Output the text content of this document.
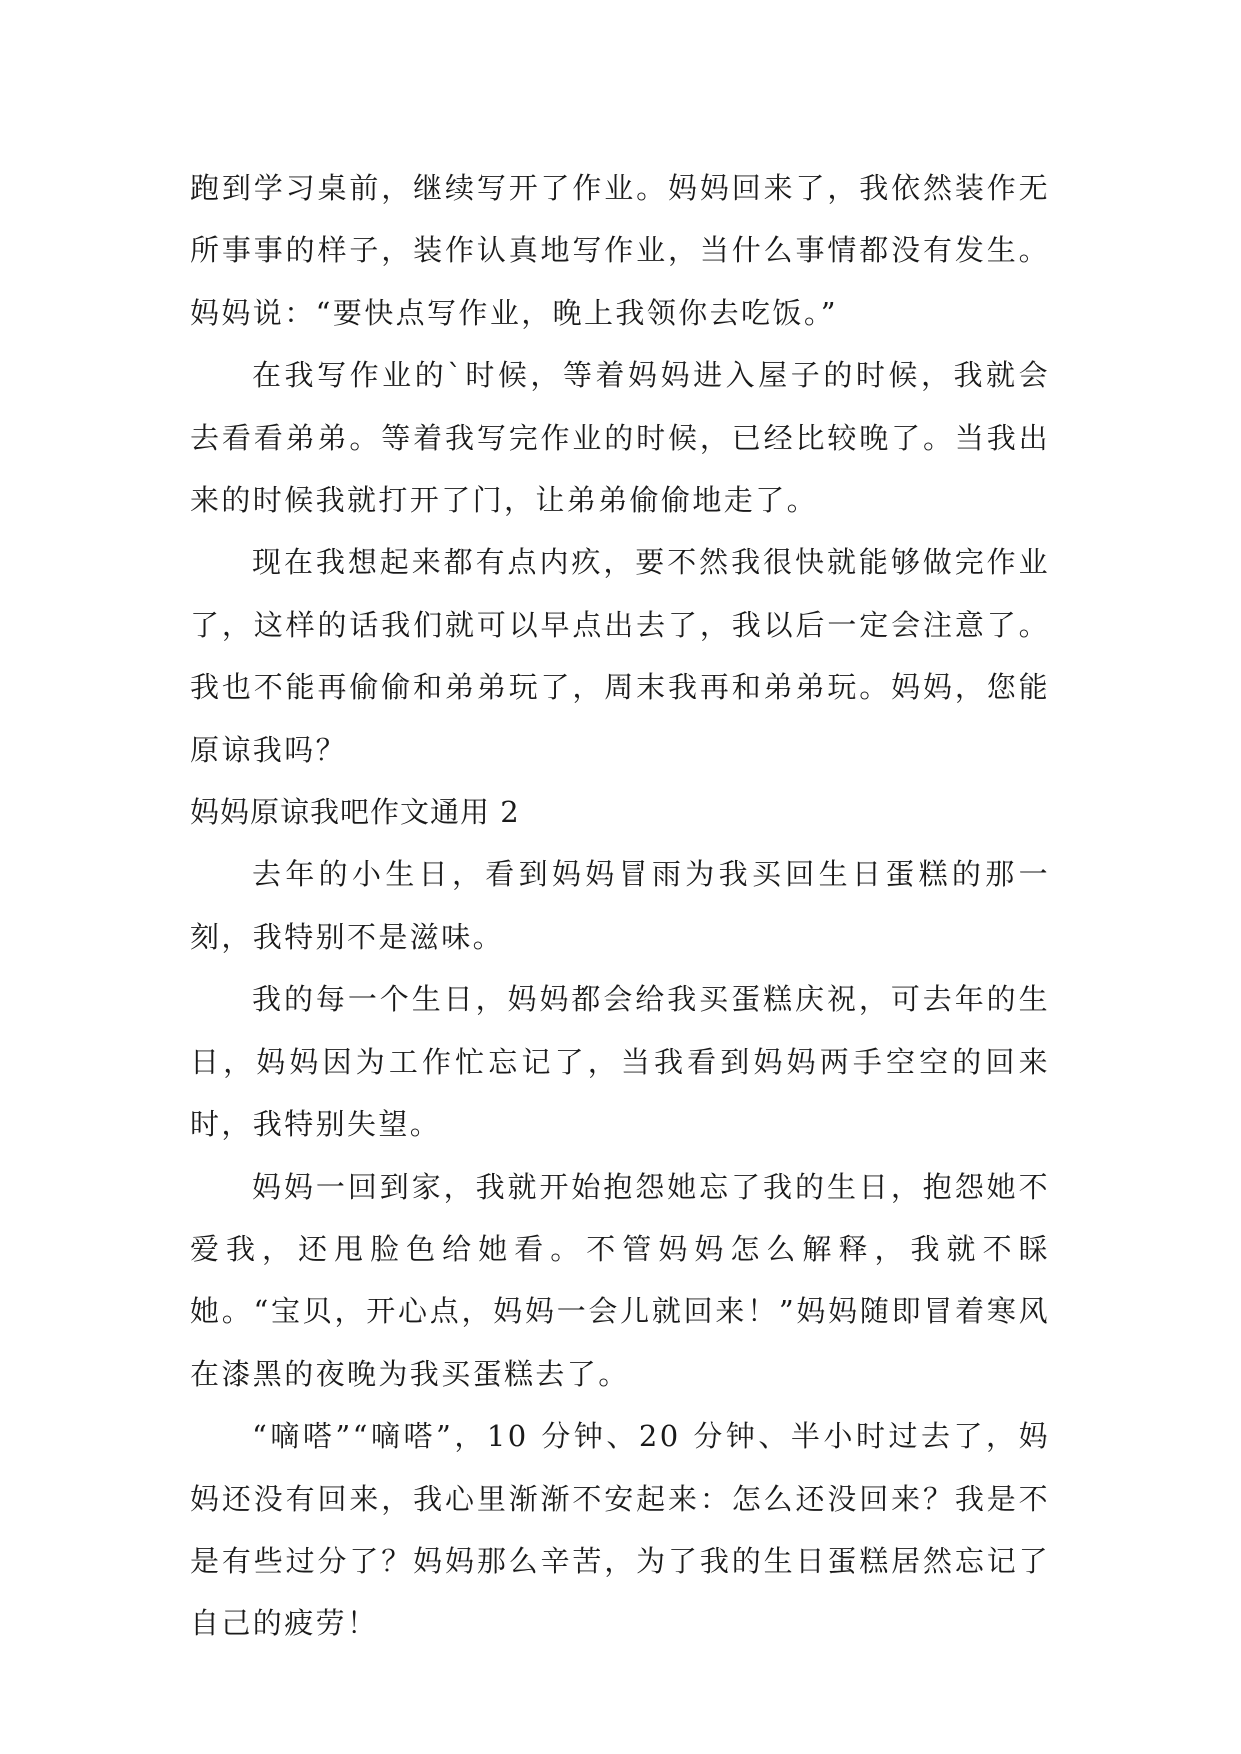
跑到学习桌前，继续写开了作业。妈妈回来了，我依然装作无所事事的样子，装作认真地写作业，当什么事情都没有发生。妈妈说：“要快点写作业，晚上我领你去吃饭。”

在我写作业的`时候，等着妈妈进入屋子的时候，我就会去看看弟弟。等着我写完作业的时候，已经比较晚了。当我出来的时候我就打开了门，让弟弟偷偷地走了。

现在我想起来都有点内疚，要不然我很快就能够做完作业了，这样的话我们就可以早点出去了，我以后一定会注意了。我也不能再偷偷和弟弟玩了，周末我再和弟弟玩。妈妈，您能原谅我吗？

妈妈原谅我吧作文通用 2

去年的小生日，看到妈妈冒雨为我买回生日蛋糕的那一刻，我特别不是滋味。

我的每一个生日，妈妈都会给我买蛋糕庆祝，可去年的生日，妈妈因为工作忙忘记了，当我看到妈妈两手空空的回来时，我特别失望。

妈妈一回到家，我就开始抱怨她忘了我的生日，抱怨她不爱我，还甩脸色给她看。不管妈妈怎么解释，我就不睬她。“宝贝，开心点，妈妈一会儿就回来！”妈妈随即冒着寒风在漆黑的夜晚为我买蛋糕去了。

“嘀嗒”“嘀嗒”，10 分钟、20 分钟、半小时过去了，妈妈还没有回来，我心里渐渐不安起来：怎么还没回来？我是不是有些过分了？妈妈那么辛苦，为了我的生日蛋糕居然忘记了自己的疲劳！
